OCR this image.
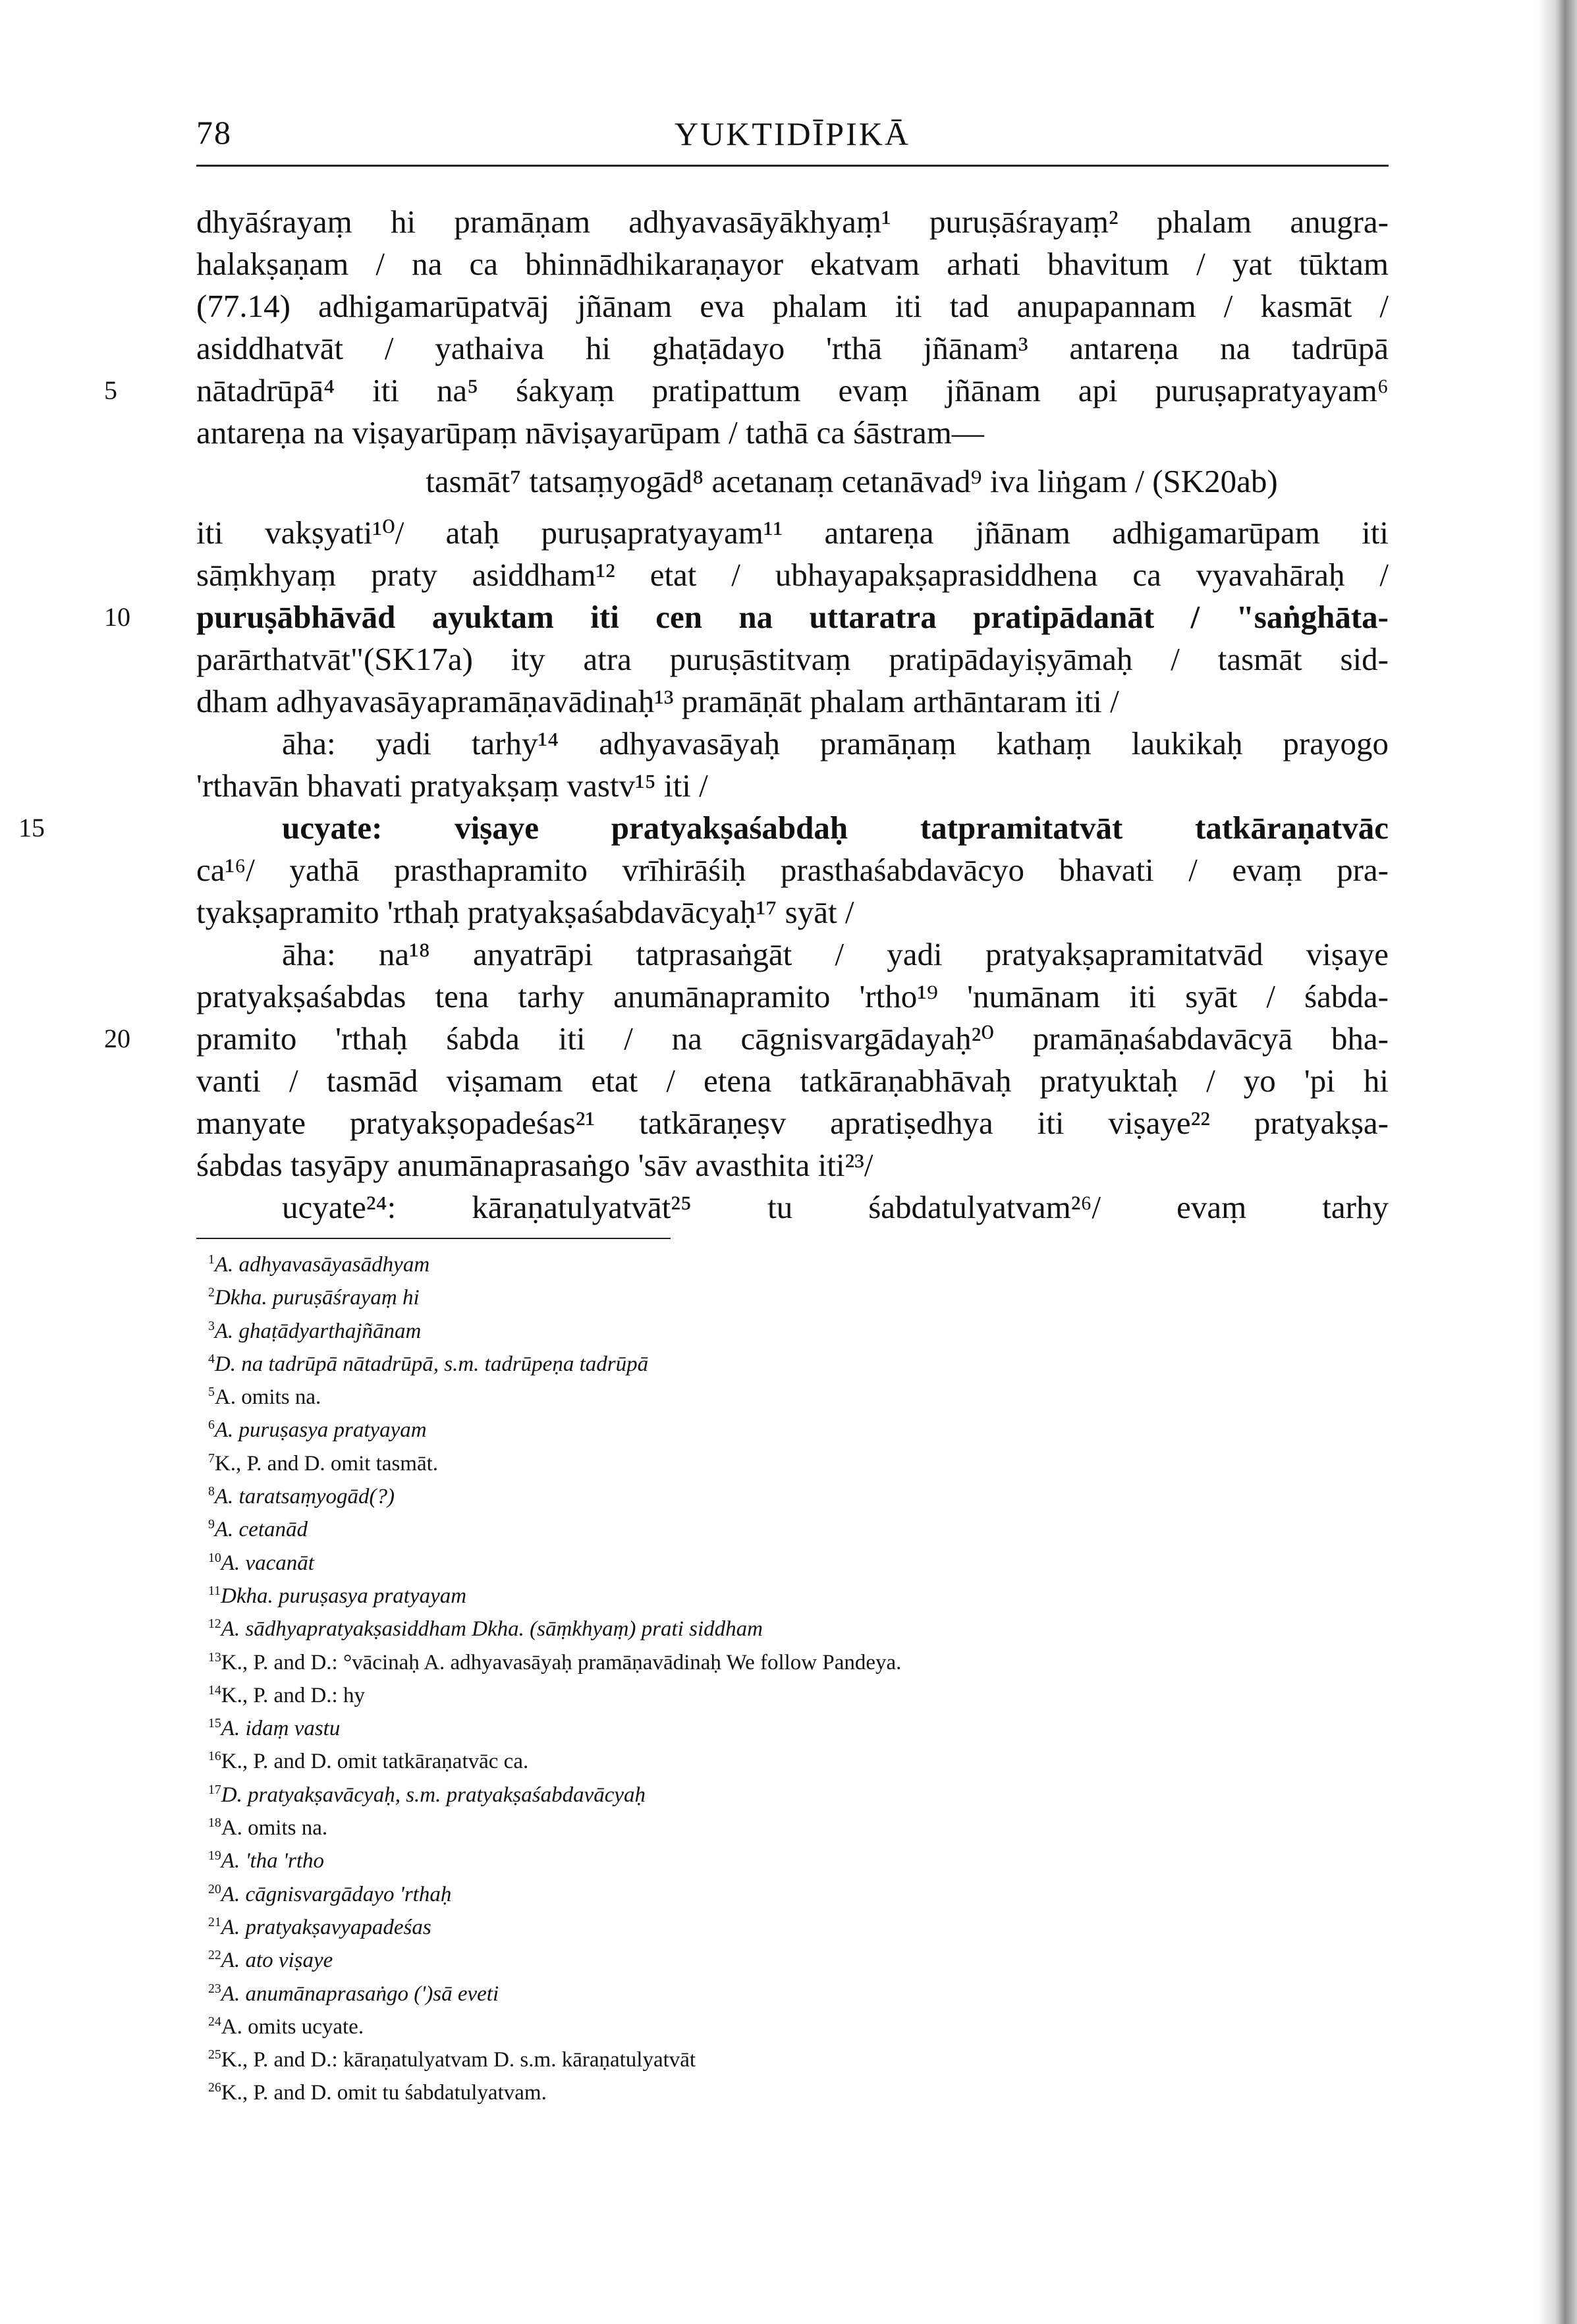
78	YUKTIDĪPIKĀ
dhyāśrayaṃ hi pramāṇam adhyavasāyākhyaṃ¹ puruṣāśrayaṃ² phalam anugra-
halakṣaṇam / na ca bhinnādhikaraṇayor ekatvam arhati bhavitum / yat tūktam
(77.14) adhigamarūpatvāj jñānam eva phalam iti tad anupapannam / kasmāt /
asiddhatvāt / yathaiva hi ghaṭādayo 'rthā jñānam³ antareṇa na tadrūpā
5	nātadrūpā⁴ iti na⁵ śakyaṃ pratipattum evaṃ jñānam api puruṣapratyayam⁶
antareṇa na viṣayarūpaṃ nāviṣayarūpam / tathā ca śāstram—
tasmāt⁷ tatsaṃyogād⁸ acetanaṃ cetanāvad⁹ iva liṅgam / (SK20ab)
iti vakṣyati¹⁰/ ataḥ puruṣapratyayam¹¹ antareṇa jñānam adhigamarūpam iti
sāṃkhyaṃ praty asiddham¹² etat / ubhayapakṣaprasiddhena ca vyavahāraḥ /
10	puruṣābhāvād ayuktam iti cen na uttaratra pratipādanāt / "saṅghāta-
parārthatvāt"(SK17a) ity atra puruṣāstitvaṃ pratipādayiṣyāmaḥ / tasmāt sid-
dham adhyavasāyapramāṇavādinaḥ¹³ pramāṇāt phalam arthāntaram iti /
āha: yadi tarhy¹⁴ adhyavasāyaḥ pramāṇaṃ kathaṃ laukikaḥ prayogo
'rthavān bhavati pratyakṣaṃ vastv¹⁵ iti /
15	ucyate: viṣaye pratyakṣaśabdaḥ tatpramitatvāt tatkāraṇatvāc
ca¹⁶/ yathā prasthapramito vrīhirāśiḥ prasthaśabdavācyo bhavati / evaṃ pra-
tyakṣapramito 'rthaḥ pratyakṣaśabdavācyaḥ¹⁷ syāt /
āha: na¹⁸ anyatrāpi tatprasaṅgāt / yadi pratyakṣapramitatvād viṣaye
pratyakṣaśabdas tena tarhy anumānapramito 'rtho¹⁹ 'numānam iti syāt / śabda-
20	pramito 'rthaḥ śabda iti / na cāgnisvargādayaḥ²⁰ pramāṇaśabdavācyā bha-
vanti / tasmād viṣamam etat / etena tatkāraṇabhāvaḥ pratyuktaḥ / yo 'pi hi
manyate pratyakṣopadeśas²¹ tatkāraṇeṣv apratiṣedhya iti viṣaye²² pratyakṣa-
śabdas tasyāpy anumānaprasaṅgo 'sāv avasthita iti²³/
ucyate²⁴: kāraṇatulyatvāt²⁵ tu śabdatulyatvam²⁶/ evaṃ tarhy
$^1$A. adhyavasāyasādhyam
$^2$Dkha. puruṣāśrayaṃ hi
$^3$A. ghaṭādyarthajñānam
$^4$D. na tadrūpā nātadrūpā, s.m. tadrūpeṇa tadrūpā
$^5$A. omits na.
$^6$A. puruṣasya pratyayam
$^7$K., P. and D. omit tasmāt.
$^8$A. taratsaṃyogād(?)
$^9$A. cetanād
$^{10}$A. vacanāt
$^{11}$Dkha. puruṣasya pratyayam
$^{12}$A. sādhyapratyakṣasiddham Dkha. (sāṃkhyaṃ) prati siddham
$^{13}$K., P. and D.: °vācinaḥ A. adhyavasāyaḥ pramāṇavādinaḥ We follow Pandeya.
$^{14}$K., P. and D.: hy
$^{15}$A. idaṃ vastu
$^{16}$K., P. and D. omit tatkāraṇatvāc ca.
$^{17}$D. pratyakṣavācyaḥ, s.m. pratyakṣaśabdavācyaḥ
$^{18}$A. omits na.
$^{19}$A. 'tha 'rtho
$^{20}$A. cāgnisvargādayo 'rthaḥ
$^{21}$A. pratyakṣavyapadeśas
$^{22}$A. ato viṣaye
$^{23}$A. anumānaprasaṅgo (')sā eveti
$^{24}$A. omits ucyate.
$^{25}$K., P. and D.: kāraṇatulyatvam D. s.m. kāraṇatulyatvāt
$^{26}$K., P. and D. omit tu śabdatulyatvam.
